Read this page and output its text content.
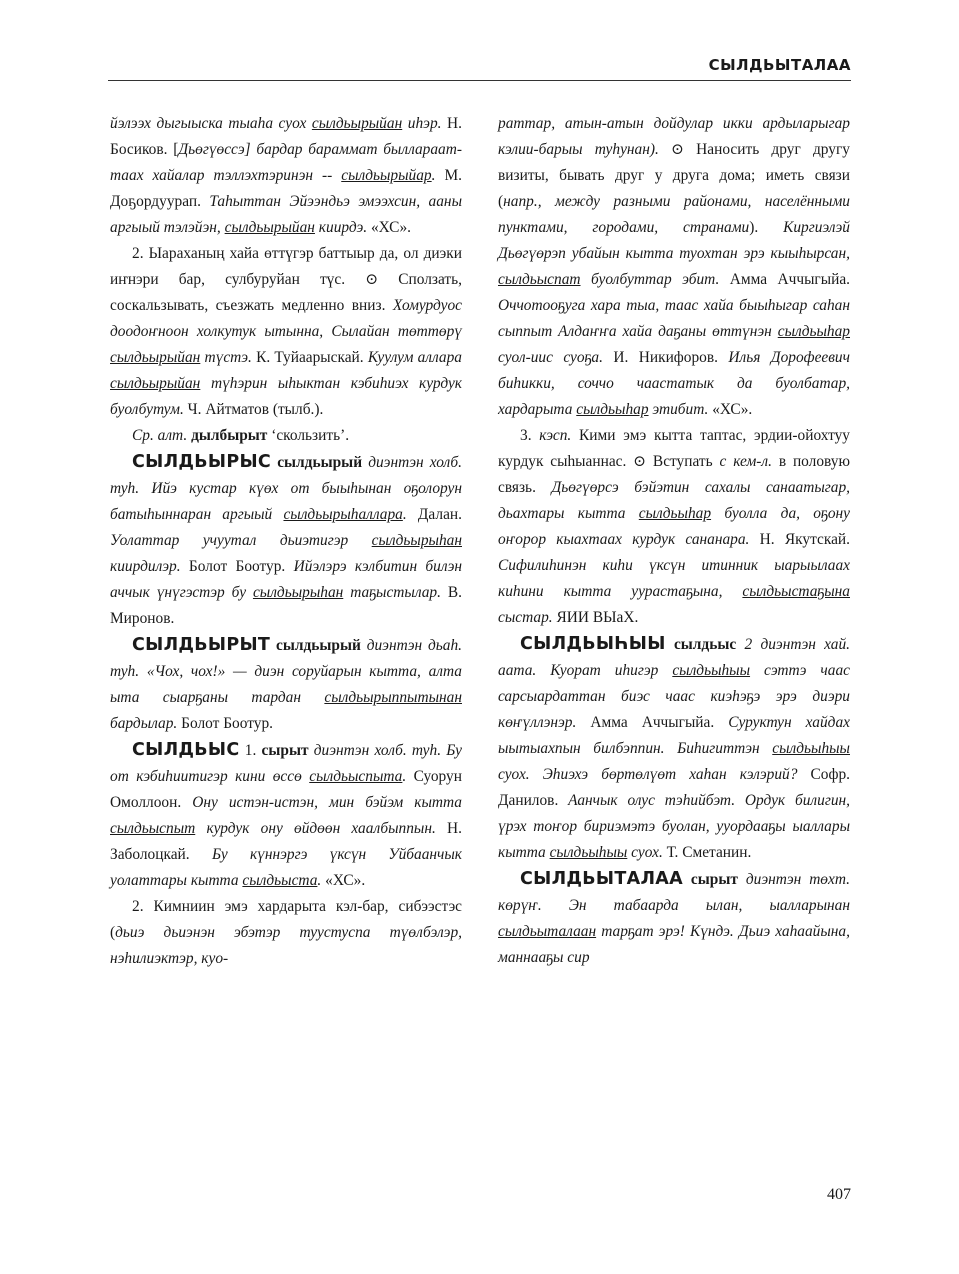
СЫЛДЬЫТАЛАА

йэлээх дыгыыска тыаһа суох сылдьырыйан иһэр. Н. Босиков. [Дьөгүөссэ] бардар бараммат былларааттаах хайалар тэллэхтэринэн -- сылдьырыйар. М. Доҕордуурап. Таһыттан Эйээндьэ эмээхсин, ааны аргыый тэлэйэн, сылдьырыйан киирдэ. «ХС».

2. Ыараханың хайа өттүгэр баттыыр да, ол диэки иҥнэри бар, сулбуруйан түс. ⊙ Сползать, соскальзывать, съезжать медленно вниз. Хомурдуос доодоҥноон холкутук ытынна, Сылайан төттөрү сылдьырыйан түстэ. К. Туйаарыскай. Куулум аллара сылдьырыйан түһэрин ыһыктан кэбиһиэх курдук буолбутум. Ч. Айтматов (тылб.).

Ср. алт. дылбырыт ‘скользить’.

СЫЛДЬЫРЫС сылдьырый диэнтэн холб. туһ. Ийэ кустар күөх от быыһынан оҕолорун батыһыннаран аргыый сылдьырыһаллара. Далан. Уолаттар учуутал дьиэтигэр сылдьырыһан киирдилэр. Болот Боотур. Ийэлэрэ кэлбитин билэн аччык үнүгэстэр бу сылдьырыһан таҕыстылар. В. Миронов.

СЫЛДЬЫРЫТ сылдьырый диэнтэн дьаһ. туһ. «Чох, чох!» — диэн соруйарын кытта, алта ыта сыарҕаны тардан сылдьырыппытынан бардылар. Болот Боотур.

СЫЛДЬЫС 1. сырыт диэнтэн холб. туһ. Бу от кэбиһиитигэр кини өссө сылдьыспыта. Суорун Омоллоон. Ону истэн-истэн, мин бэйэм кытта сылдьыспыт курдук ону өйдөөн хаалбыппын. Н. Заболоцкай. Бу күннэргэ үксүн Уйбаанчык уолаттары кытта сылдьыста. «ХС».

2. Кимниин эмэ хардарыта кэл-бар, сибээстэс (дьиэ дьиэнэн эбэтэр туустуспа түөлбэлэр, нэһилиэктэр, куо-

раттар, атын-атын дойдулар икки ардыларыгар кэлии-барыы туһунан). ⊙ Наносить друг другу визиты, бывать друг у друга дома; иметь связи (напр., между разными районами, населёнными пунктами, городами, странами). Киргиэлэй Дьөгүөрэп убайын кытта туохтан эрэ кыыһырсан, сылдьыспат буолбуттар эбит. Амма Аччыгыйа. Оччотооҕуга хара тыа, таас хайа быыһыгар саһан сыппыт Алдаҥҥа хайа даҕаны өттүнэн сылдьыһар суол-иис суоҕа. И. Никифоров. Илья Дорофеевич биһикки, соччо чаастатык да буолбатар, хардарыта сылдьыһар этибит. «ХС».

3. кэсп. Кими эмэ кытта таптас, эрдии-ойохтуу курдук сыһыаннас. ⊙ Вступать с кем-л. в половую связь. Дьөгүөрсэ бэйэтин сахалы санаатыгар, дьахтары кытта сылдьыһар буолла да, оҕону оҥорор кыахтаах курдук сананара. Н. Якутскай. Сифилиһинэн киһи үксүн итинник ыарыылаах киһини кытта уурастаҕына, сылдьыстаҕына сыстар. ЯИИ ВЫаХ.

СЫЛДЬЫҺЫЫ сылдьыс 2 диэнтэн хай. аата. Куорат иһигэр сылдьыһыы сэттэ чаас сарсыардаттан биэс чаас киэһэҕэ эрэ диэри көҥүллэнэр. Амма Аччыгыйа. Суруктун хайдах ыытыахпын билбэппин. Биһигиттэн сылдьыһыы суох. Эһиэхэ бөртөлүөт хаһан кэлэрий? Софр. Данилов. Аанчык олус тэһийбэт. Ордук билигин, үрэх тоҥор бириэмэтэ буолан, ууордааҕы ыаллары кытта сылдьыһыы суох. Т. Сметанин.

СЫЛДЬЫТАЛАА сырыт диэнтэн төхт. көрүҥ. Эн табаарда ылан, ыалларынан сылдьыталаан тарҕат эрэ! Күндэ. Дьиэ хаһаайына, маннааҕы сир

407
